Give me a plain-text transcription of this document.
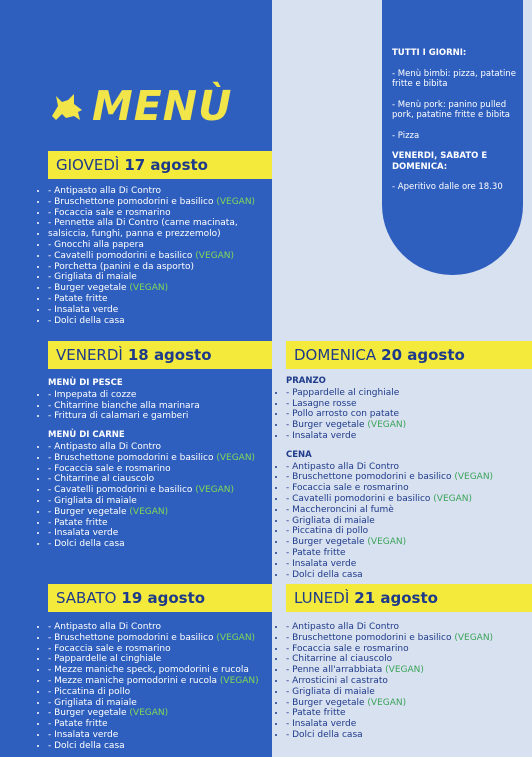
MENÙ

TUTTI I GIORNI:

- Menù bimbi: pizza, patatine fritte e bibita

- Menù pork: panino pulled pork, patatine fritte e bibita

- Pizza

VENERDI, SABATO E DOMENICA:

- Aperitivo dalle ore 18.30

GIOVEDÌ 17 agosto
VENERDÌ 18 agosto
SABATO 19 agosto
DOMENICA 20 agosto
LUNEDÌ 21 agosto
• - Antipasto alla Di Contro
• - Bruschettone pomodorini e basilico (VEGAN)
• - Focaccia sale e rosmarino
• - Pennette alla Di Contro (carne macinata,
• salsiccia, funghi, panna e prezzemolo)
• - Gnocchi alla papera
• - Cavatelli pomodorini e basilico (VEGAN)
• - Porchetta (panini e da asporto)
• - Grigliata di maiale
• - Burger vegetale (VEGAN)
• - Patate fritte
• - Insalata verde
• - Dolci della casa
MENÙ DI PESCE
• - Impepata di cozze
• - Chitarrine bianche alla marinara
• - Frittura di calamari e gamberi
MENÙ DI CARNE
• - Antipasto alla Di Contro
• - Bruschettone pomodorini e basilico (VEGAN)
• - Focaccia sale e rosmarino
• - Chitarrine al ciauscolo
• - Cavatelli pomodorini e basilico (VEGAN)
• - Grigliata di maiale
• - Burger vegetale (VEGAN)
• - Patate fritte
• - Insalata verde
• - Dolci della casa
• - Antipasto alla Di Contro
• - Bruschettone pomodorini e basilico (VEGAN)
• - Focaccia sale e rosmarino
• - Pappardelle al cinghiale
• - Mezze maniche speck, pomodorini e rucola
• - Mezze maniche pomodorini e rucola (VEGAN)
• - Piccatina di pollo
• - Grigliata di maiale
• - Burger vegetale (VEGAN)
• - Patate fritte
• - Insalata verde
• - Dolci della casa
PRANZO
• - Pappardelle al cinghiale
• - Lasagne rosse
• - Pollo arrosto con patate
• - Burger vegetale (VEGAN)
• - Insalata verde
CENA
• - Antipasto alla Di Contro
• - Bruschettone pomodorini e basilico (VEGAN)
• - Focaccia sale e rosmarino
• - Cavatelli pomodorini e basilico (VEGAN)
• - Maccheroncini al fumè
• - Grigliata di maiale
• - Piccatina di pollo
• - Burger vegetale (VEGAN)
• - Patate fritte
• - Insalata verde
• - Dolci della casa
• - Antipasto alla Di Contro
• - Bruschettone pomodorini e basilico (VEGAN)
• - Focaccia sale e rosmarino
• - Chitarrine al ciauscolo
• - Penne all'arrabbiata (VEGAN)
• - Arrosticini al castrato
• - Grigliata di maiale
• - Burger vegetale (VEGAN)
• - Patate fritte
• - Insalata verde
• - Dolci della casa
